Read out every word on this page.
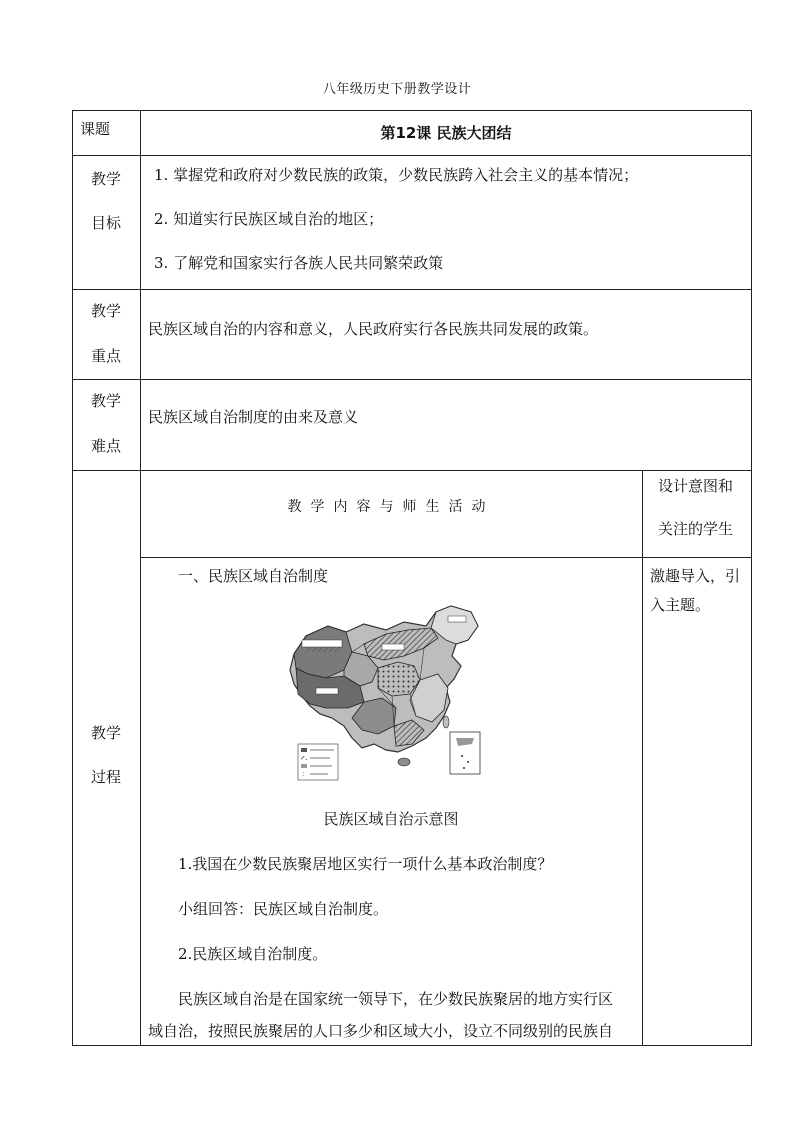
八年级历史下册教学设计
课题	第12课 民族大团结
教学
目标
1. 掌握党和政府对少数民族的政策，少数民族跨入社会主义的基本情况；
2. 知道实行民族区域自治的地区；
3. 了解党和国家实行各族人民共同繁荣政策
教学
重点
民族区域自治的内容和意义，人民政府实行各民族共同发展的政策。
教学
难点
民族区域自治制度的由来及意义
教学
过程
教学内容与师生活动
设计意图和
关注的学生
一、民族区域自治制度
民族区域自治示意图
1.我国在少数民族聚居地区实行一项什么基本政治制度？
小组回答：民族区域自治制度。
2.民族区域自治制度。
民族区域自治是在国家统一领导下，在少数民族聚居的地方实行区
域自治，按照民族聚居的人口多少和区域大小，设立不同级别的民族自
激趣导入，引
入主题。
